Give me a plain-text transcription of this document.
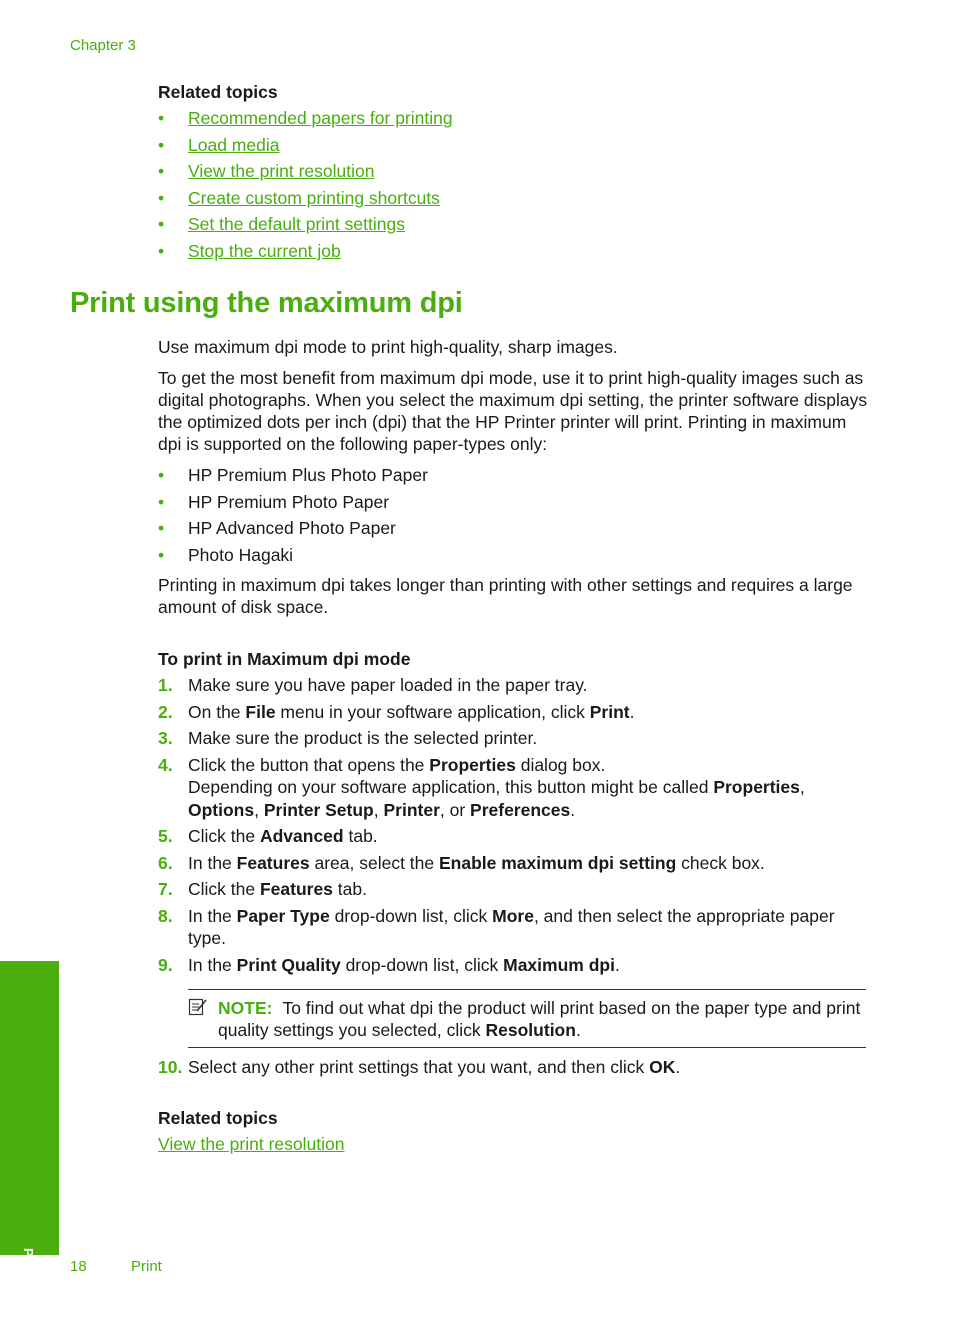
Chapter 3
Related topics
• Recommended papers for printing
• Load media
• View the print resolution
• Create custom printing shortcuts
• Set the default print settings
• Stop the current job
Print using the maximum dpi

Use maximum dpi mode to print high-quality, sharp images.

To get the most benefit from maximum dpi mode, use it to print high-quality images such as digital photographs. When you select the maximum dpi setting, the printer software displays the optimized dots per inch (dpi) that the HP Printer printer will print. Printing in maximum dpi is supported on the following paper-types only:

• HP Premium Plus Photo Paper
• HP Premium Photo Paper
• HP Advanced Photo Paper
• Photo Hagaki

Printing in maximum dpi takes longer than printing with other settings and requires a large amount of disk space.

To print in Maximum dpi mode
1. Make sure you have paper loaded in the paper tray.
2. On the File menu in your software application, click Print.
3. Make sure the product is the selected printer.
4. Click the button that opens the Properties dialog box.
Depending on your software application, this button might be called Properties, Options, Printer Setup, Printer, or Preferences.
5. Click the Advanced tab.
6. In the Features area, select the Enable maximum dpi setting check box.
7. Click the Features tab.
8. In the Paper Type drop-down list, click More, and then select the appropriate paper type.
9. In the Print Quality drop-down list, click Maximum dpi.
NOTE: To find out what dpi the product will print based on the paper type and print quality settings you selected, click Resolution.
10. Select any other print settings that you want, and then click OK.
Related topics
View the print resolution
Print 18	Print
